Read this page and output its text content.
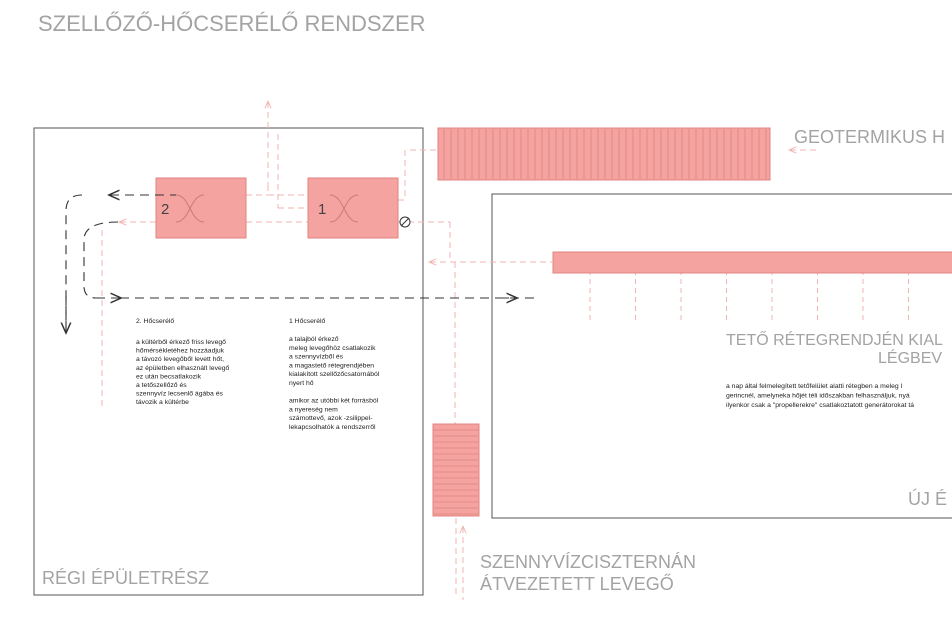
SZELLŐZŐ-HŐCSERÉLŐ RENDSZER
2	1
GEOTERMIKUS H
TETŐ RÉTEGRENDJÉN KIAL
LÉGBEV
ÚJ É
RÉGI ÉPÜLETRÉSZ
SZENNYVÍZCISZTERNÁN
ÁTVEZETETT LEVEGŐ
2. Hőcserélő
a kültérből érkező friss levegő
hőmérsékletéhez hozzáadjuk
a távozó levegőből levett hőt,
az épületben elhasznált levegő
ez után becsatlakozik
a tetőszellőző és
szennyvíz lecsenlő ágába és
távozik a kültérbe
1 Hőcserélő
a talajból érkező
meleg levegőhöz csatlakozik
a szennyvízből és
a magastető rétegrendjében
kialakított szellőzőcsatornából
nyert hő
amikor az utóbbi két forrásból
a nyereség nem
számottevő, azok -zsilippel-
lekapcsolhatók a rendszerről
a nap által felmelegített tetőfelület alatti rétegben a meleg l
gerincnél, amelyneka hőjét téli időszakban felhasználjuk, nyá
ilyenkor csak a "propellerekre" csatlakoztatott generátorokat tá
